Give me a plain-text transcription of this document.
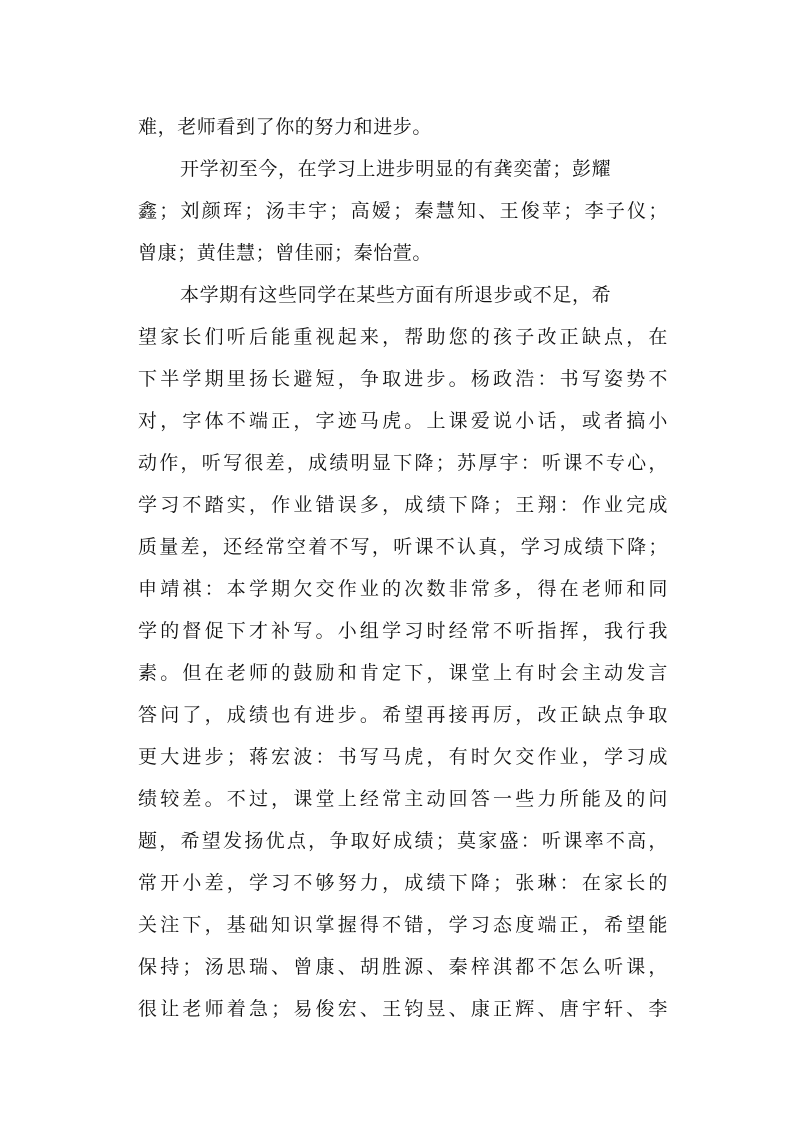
难，老师看到了你的努力和进步。
开学初至今，在学习上进步明显的有龚奕蕾；彭耀
鑫；刘颜珲；汤丰宇；高嫒；秦慧知、王俊苹；李子仪；
曾康；黄佳慧；曾佳丽；秦怡萱。
本学期有这些同学在某些方面有所退步或不足，希
望家长们听后能重视起来，帮助您的孩子改正缺点，在
下半学期里扬长避短，争取进步。杨政浩：书写姿势不
对，字体不端正，字迹马虎。上课爱说小话，或者搞小
动作，听写很差，成绩明显下降；苏厚宇：听课不专心，
学习不踏实，作业错误多，成绩下降；王翔：作业完成
质量差，还经常空着不写，听课不认真，学习成绩下降；
申靖祺：本学期欠交作业的次数非常多，得在老师和同
学的督促下才补写。小组学习时经常不听指挥，我行我
素。但在老师的鼓励和肯定下，课堂上有时会主动发言
答问了，成绩也有进步。希望再接再厉，改正缺点争取
更大进步；蒋宏波：书写马虎，有时欠交作业，学习成
绩较差。不过，课堂上经常主动回答一些力所能及的问
题，希望发扬优点，争取好成绩；莫家盛：听课率不高，
常开小差，学习不够努力，成绩下降；张琳：在家长的
关注下，基础知识掌握得不错，学习态度端正，希望能
保持；汤思瑞、曾康、胡胜源、秦梓淇都不怎么听课，
很让老师着急；易俊宏、王钧昱、康正辉、唐宇轩、李
